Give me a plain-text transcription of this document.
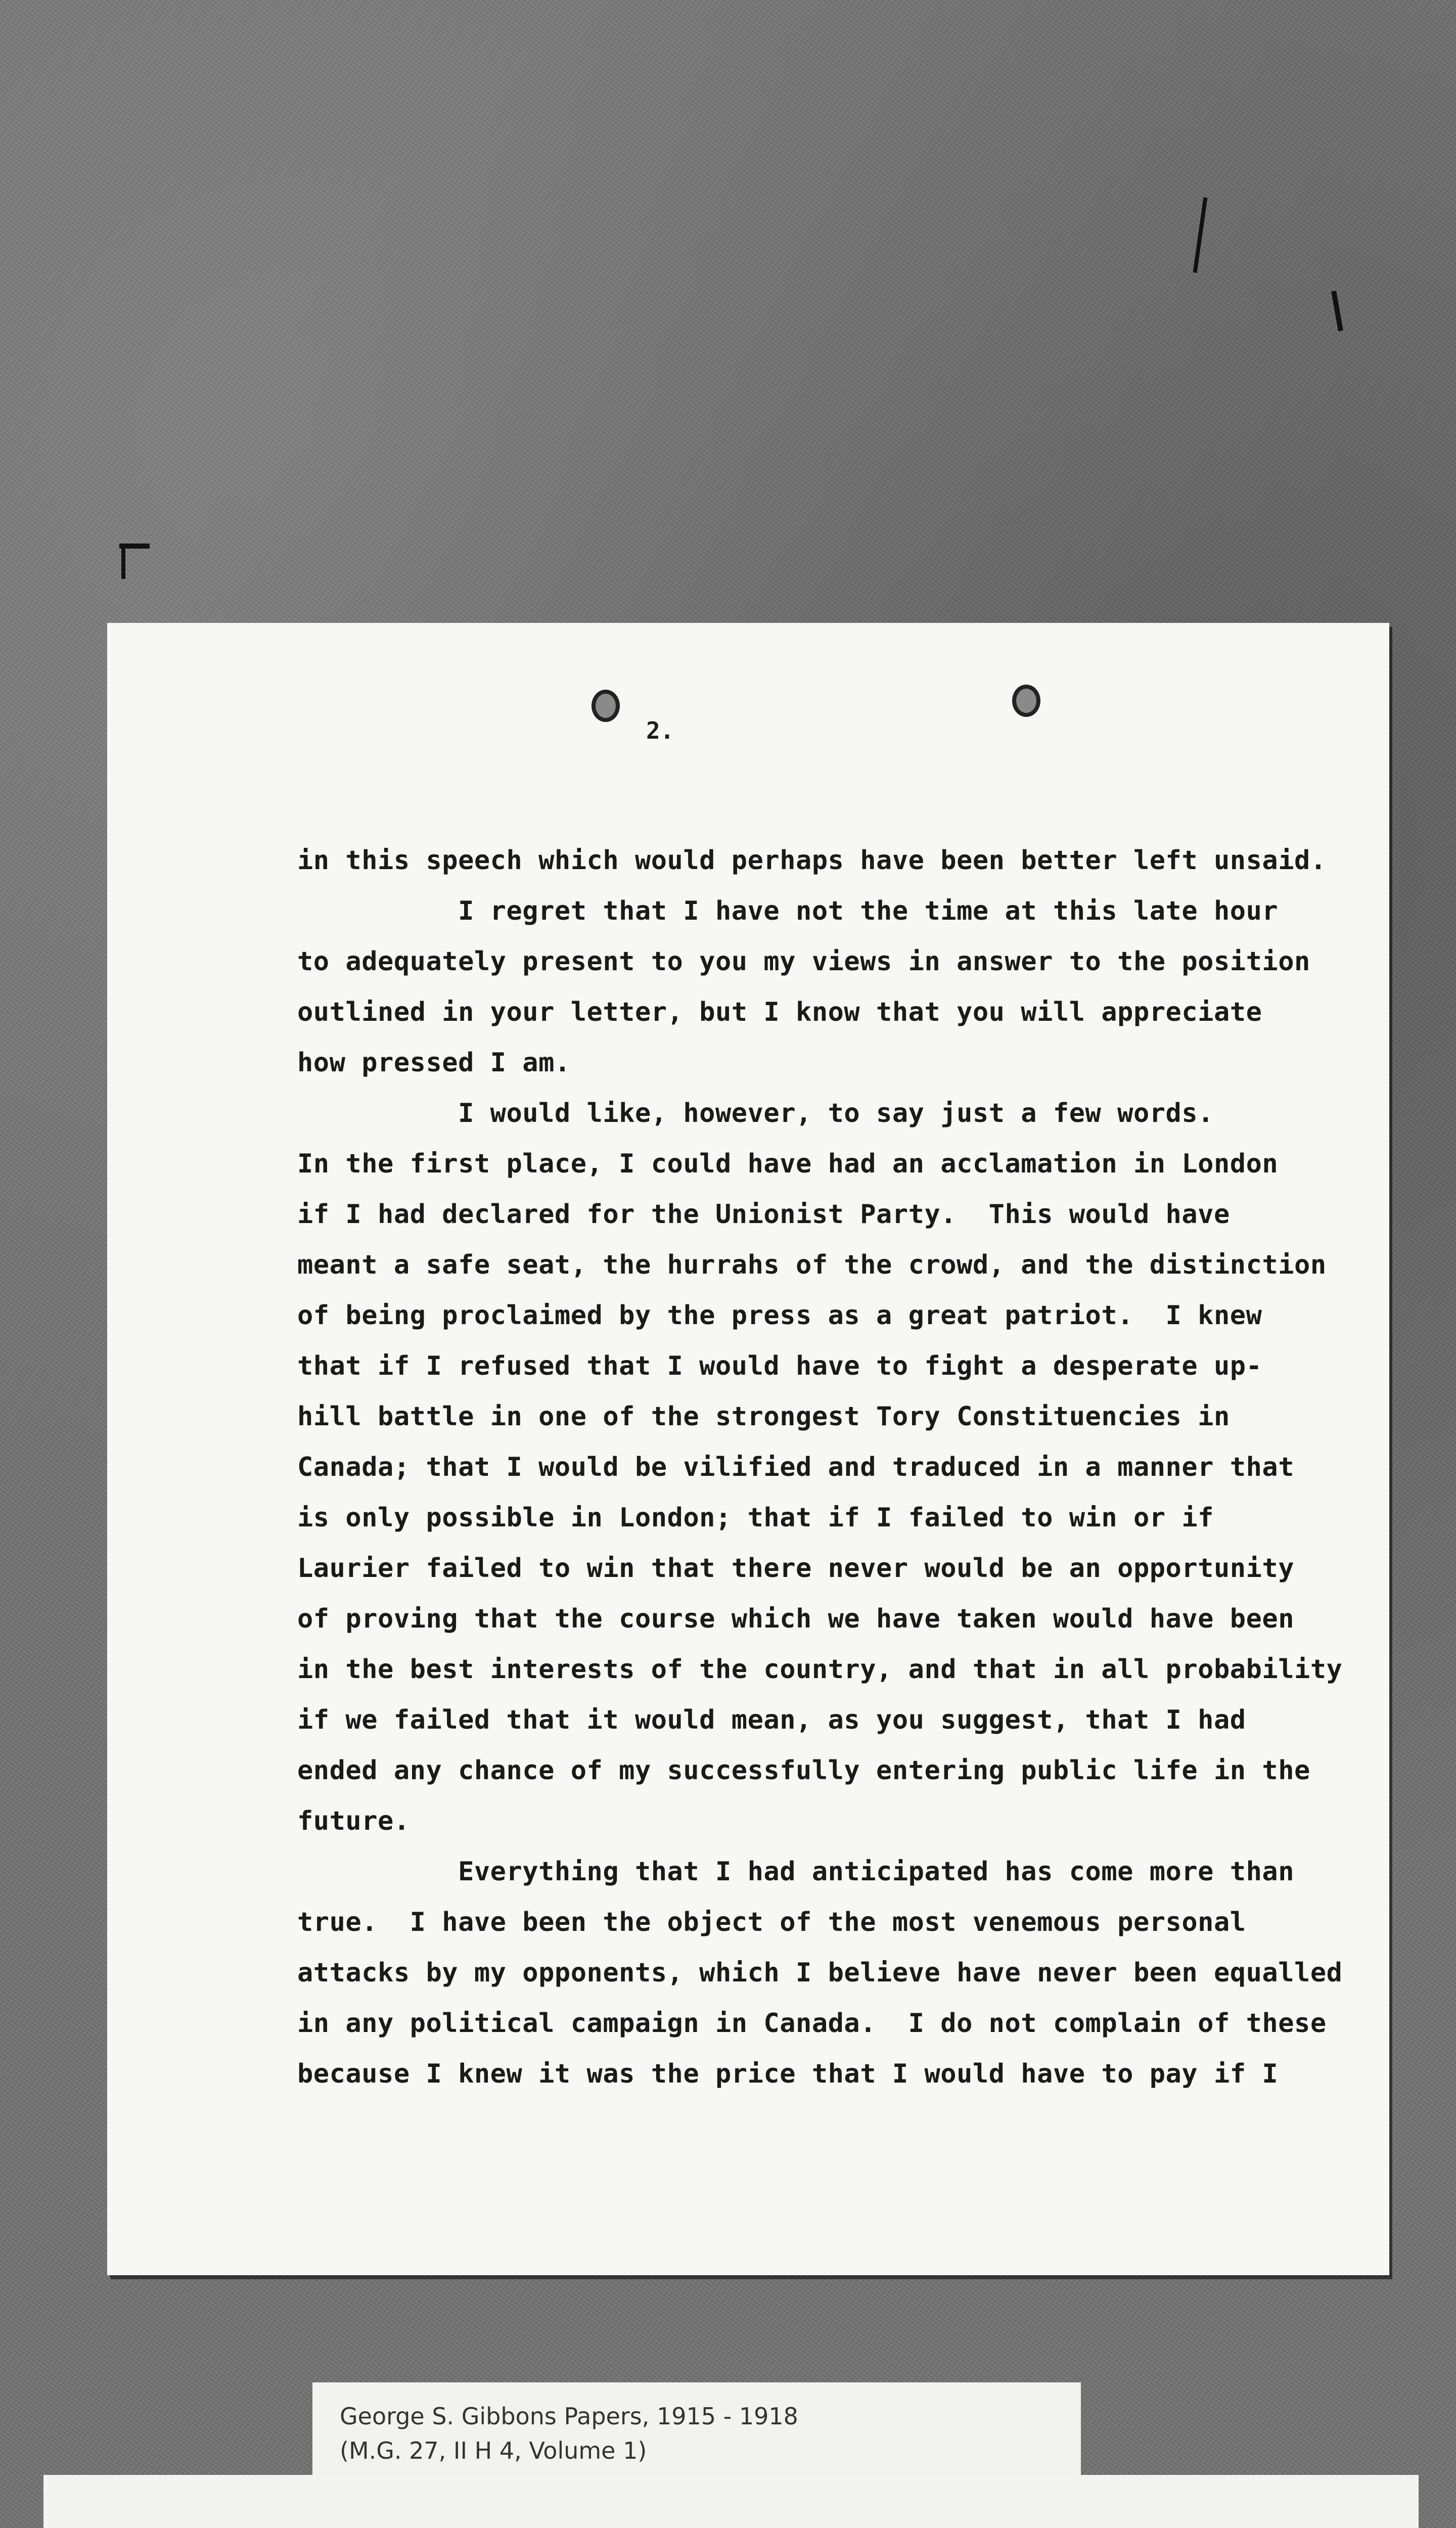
2.
in this speech which would perhaps have been better left unsaid.
I regret that I have not the time at this late hour
to adequately present to you my views in answer to the position
outlined in your letter, but I know that you will appreciate
how pressed I am.
I would like, however, to say just a few words.
In the first place, I could have had an acclamation in London
if I had declared for the Unionist Party.  This would have
meant a safe seat, the hurrahs of the crowd, and the distinction
of being proclaimed by the press as a great patriot.  I knew
that if I refused that I would have to fight a desperate up-
hill battle in one of the strongest Tory Constituencies in
Canada; that I would be vilified and traduced in a manner that
is only possible in London; that if I failed to win or if
Laurier failed to win that there never would be an opportunity
of proving that the course which we have taken would have been
in the best interests of the country, and that in all probability
if we failed that it would mean, as you suggest, that I had
ended any chance of my successfully entering public life in the
future.
Everything that I had anticipated has come more than
true.  I have been the object of the most venemous personal
attacks by my opponents, which I believe have never been equalled
in any political campaign in Canada.  I do not complain of these
because I knew it was the price that I would have to pay if I
George S. Gibbons Papers, 1915 - 1918
(M.G. 27, II H 4, Volume 1)
